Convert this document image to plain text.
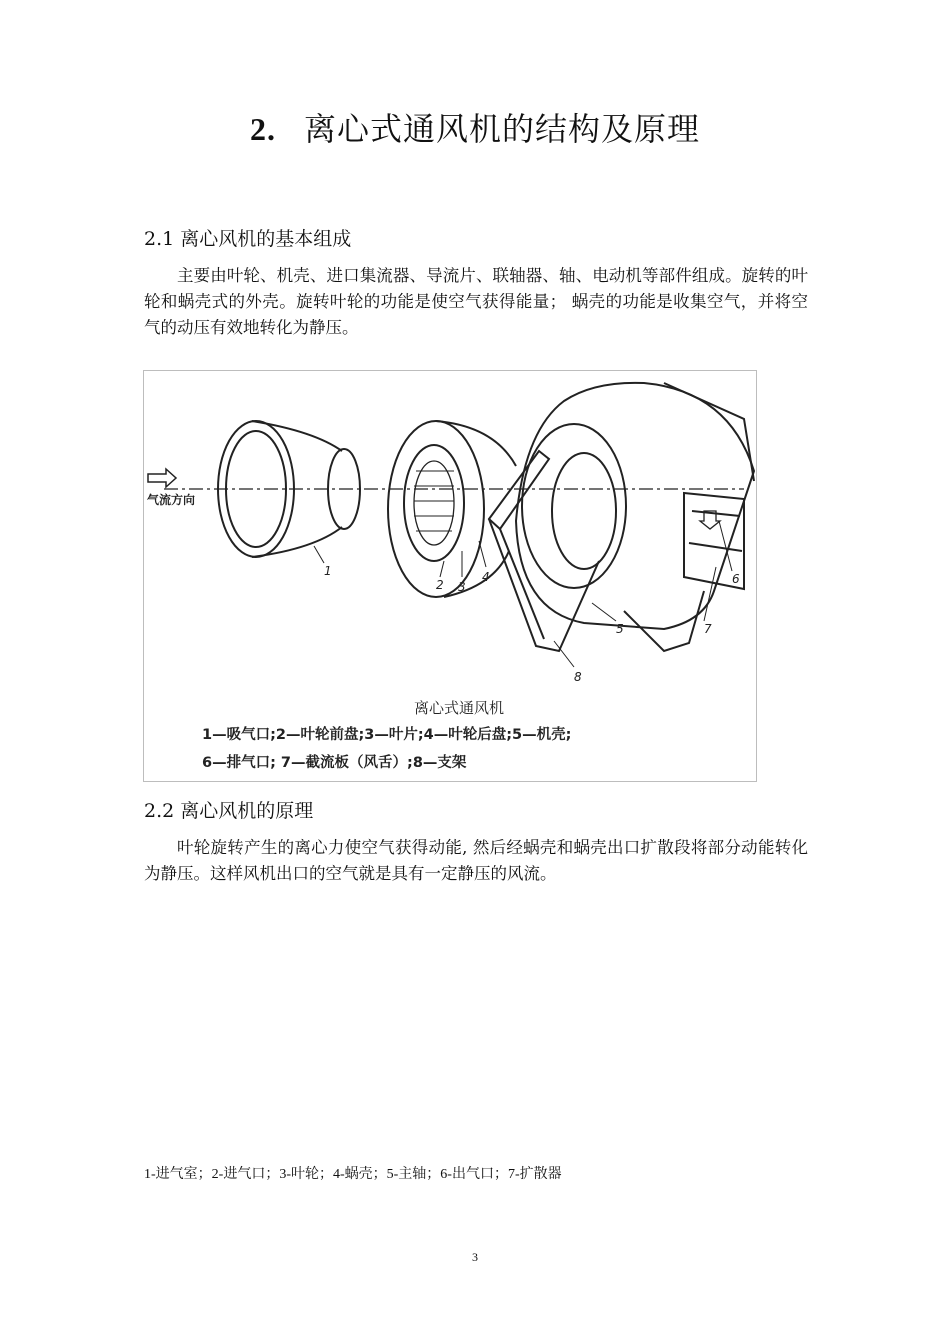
2. 离心式通风机的结构及原理
2.1 离心风机的基本组成
主要由叶轮、机壳、进口集流器、导流片、联轴器、轴、电动机等部件组成。旋转的叶轮和蜗壳式的外壳。旋转叶轮的功能是使空气获得能量； 蜗壳的功能是收集空气，并将空气的动压有效地转化为静压。
1
2 3
4
5
6
7
8
气流方向
离心式通风机
1—吸气口;2—叶轮前盘;3—叶片;4—叶轮后盘;5—机壳;
6—排气口; 7—截流板（风舌）;8—支架
2.2 离心风机的原理
叶轮旋转产生的离心力使空气获得动能, 然后经蜗壳和蜗壳出口扩散段将部分动能转化为静压。这样风机出口的空气就是具有一定静压的风流。
1-进气室；2-进气口；3-叶轮；4-蜗壳；5-主轴；6-出气口；7-扩散器
3
